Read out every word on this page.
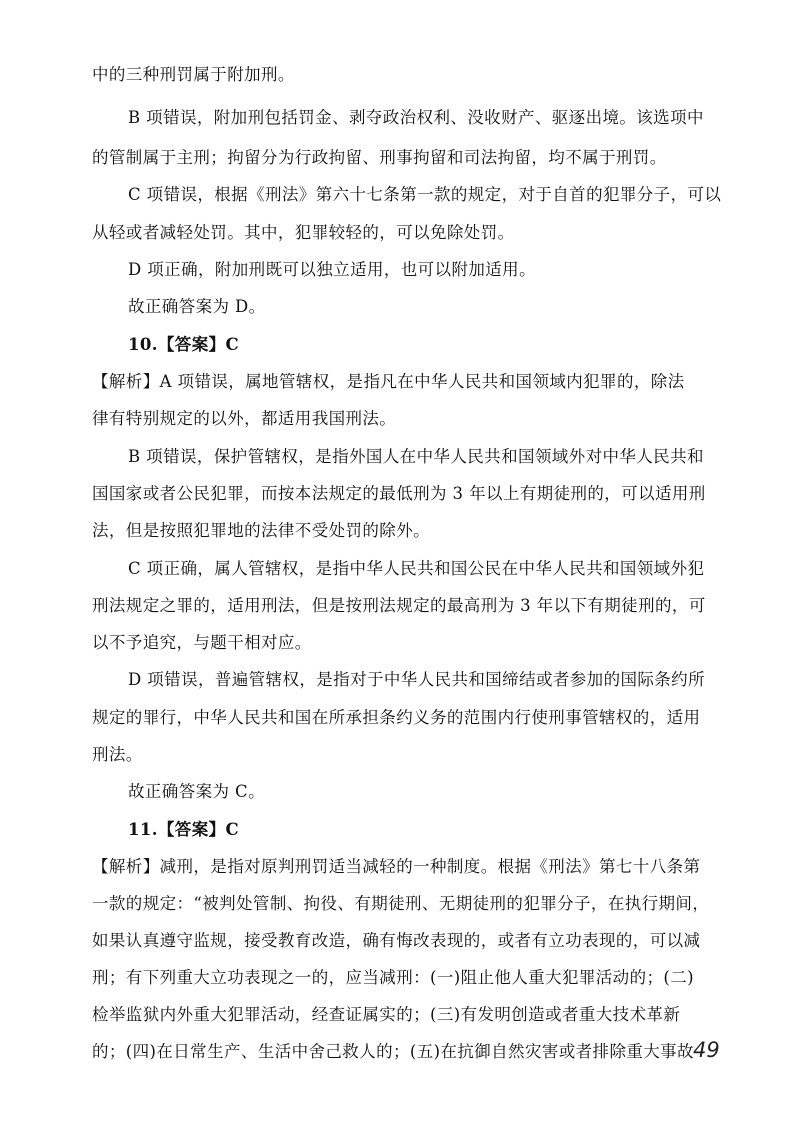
中的三种刑罚属于附加刑。
B 项错误，附加刑包括罚金、剥夺政治权利、没收财产、驱逐出境。该选项中
的管制属于主刑；拘留分为行政拘留、刑事拘留和司法拘留，均不属于刑罚。
C 项错误，根据《刑法》第六十七条第一款的规定，对于自首的犯罪分子，可以
从轻或者减轻处罚。其中，犯罪较轻的，可以免除处罚。
D 项正确，附加刑既可以独立适用，也可以附加适用。
故正确答案为 D。
10.【答案】C
【解析】A 项错误，属地管辖权，是指凡在中华人民共和国领域内犯罪的，除法
律有特别规定的以外，都适用我国刑法。
B 项错误，保护管辖权，是指外国人在中华人民共和国领域外对中华人民共和
国国家或者公民犯罪，而按本法规定的最低刑为 3 年以上有期徒刑的，可以适用刑
法，但是按照犯罪地的法律不受处罚的除外。
C 项正确，属人管辖权，是指中华人民共和国公民在中华人民共和国领域外犯
刑法规定之罪的，适用刑法，但是按刑法规定的最高刑为 3 年以下有期徒刑的，可
以不予追究，与题干相对应。
D 项错误，普遍管辖权，是指对于中华人民共和国缔结或者参加的国际条约所
规定的罪行，中华人民共和国在所承担条约义务的范围内行使刑事管辖权的，适用
刑法。
故正确答案为 C。
11.【答案】C
【解析】减刑，是指对原判刑罚适当减轻的一种制度。根据《刑法》第七十八条第
一款的规定：“被判处管制、拘役、有期徒刑、无期徒刑的犯罪分子，在执行期间，
如果认真遵守监规，接受教育改造，确有悔改表现的，或者有立功表现的，可以减
刑；有下列重大立功表现之一的，应当减刑：(一)阻止他人重大犯罪活动的；(二)
检举监狱内外重大犯罪活动，经查证属实的；(三)有发明创造或者重大技术革新
的；(四)在日常生产、生活中舍己救人的；(五)在抗御自然灾害或者排除重大事故 49
